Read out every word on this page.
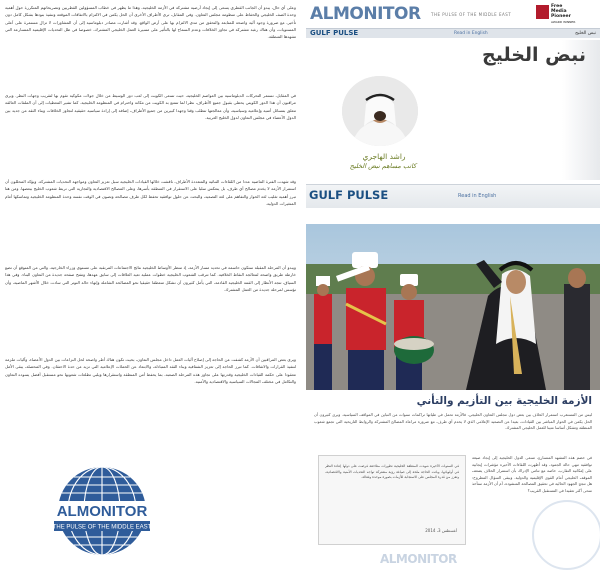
وعلى أي حال، يبدو أن الجانب القطري يسعى إلى إيجاد أرضية مشتركة في الأزمة الخليجية، وهذا ما يظهر في خطاب المسؤولين القطريين وتصريحاتهم المتكررة حول أهمية وحدة الصف الخليجي والحفاظ على منظومة مجلس التعاون. وفي المقابل، ترى الأطراف الأخرى أن الحل يكمن في الالتزام بالاتفاقات الموقعة وتنفيذ بنودها بشكل كامل دون تأخير، مع ضرورة وجود آلية واضحة للمتابعة والتحقق من مدى الالتزام بها على أرض الواقع. وقد أشارت مصادر دبلوماسية إلى أن المشاورات لا تزال مستمرة على أعلى المستويات، وأن هناك رغبة مشتركة في تجاوز الخلافات وعدم السماح لها بالتأثير على مسيرة العمل الخليجي المشترك، خصوصا في ظل التحديات الإقليمية المتسارعة التي تشهدها المنطقة.
في المقابل، تستمر التحركات الدبلوماسية بين العواصم الخليجية، حيث تسعى الكويت إلى لعب دور الوسيط من خلال جولات مكوكية تقوم بها لتقريب وجهات النظر. ويرى مراقبون أن هذا الدور الكويتي يحظى بقبول جميع الأطراف، نظرا لما تتمتع به الكويت من مكانة واحترام في المنظومة الخليجية. كما تشير المعطيات إلى أن الملفات العالقة تتعلق بمسائل أمنية وإعلامية وسياسية، وأن معالجتها تتطلب وقتا وجهدا كبيرين من جميع الأطراف، إضافة إلى إرادة سياسية حقيقية لتجاوز الخلافات وبناء الثقة من جديد بين الدول الأعضاء في مجلس التعاون لدول الخليج العربية.
وقد شهدت الفترة الماضية عددا من اللقاءات الثنائية والمتعددة الأطراف، ناقشت خلالها القيادات الخليجية سبل تعزيز التعاون ومواجهة التحديات المشتركة. ويؤكد المحللون أن استمرار الأزمة لا يخدم مصالح أي طرف، بل ينعكس سلبا على الاستقرار في المنطقة بأسرها، وعلى المصالح الاقتصادية والتجارية التي تربط شعوب الخليج ببعضها. ومن هنا تبرز أهمية تغليب لغة الحوار والتفاهم على لغة التصعيد، والبحث عن حلول توافقية تحفظ لكل طرف مصالحه وتصون في الوقت نفسه وحدة المنظومة الخليجية وتماسكها أمام المتغيرات الدولية.
ويبدو أن المرحلة المقبلة ستكون حاسمة في تحديد مسار الأزمة، إذ تنتظر الأوساط الخليجية نتائج الاجتماعات المرتقبة على مستوى وزراء الخارجية، والتي من المتوقع أن تضع خارطة طريق واضحة لمعالجة النقاط الخلافية. كما تترقب الشعوب الخليجية خطوات عملية تعيد العلاقات إلى سابق عهدها، وتفتح صفحة جديدة من التعاون البناء. وفي هذا السياق، تتجه الأنظار إلى القمة الخليجية القادمة، التي يأمل كثيرون أن تشكل منعطفا حقيقيا نحو المصالحة الشاملة وإنهاء حالة التوتر التي سادت خلال الأشهر الماضية، وأن تؤسس لمرحلة جديدة من العمل المشترك.
ويرى بعض المراقبين أن الأزمة كشفت عن الحاجة إلى إصلاح آليات العمل داخل مجلس التعاون، بحيث تكون هناك أطر واضحة لحل النزاعات بين الدول الأعضاء، وآليات ملزمة لتنفيذ القرارات والاتفاقات. كما تبرز الحاجة إلى تعزيز الشفافية وبناء الثقة المتبادلة، والابتعاد عن الحملات الإعلامية التي تزيد من حدة الاحتقان. وفي المحصلة، يبقى الأمل معقودا على حكمة القيادات الخليجية وقدرتها على تجاوز هذه المرحلة الصعبة، بما يحفظ أمن المنطقة واستقرارها ويلبي تطلعات شعوبها نحو مستقبل أفضل يسوده التعاون والتكامل في مختلف المجالات السياسية والاقتصادية والأمنية.
ALMONITOR
THE PULSE OF THE MIDDLE EAST
ALMONITOR	THE PULSE OF THE MIDDLE EAST
Free
Media
Pioneer
AWARD WINNER
GULF PULSE	Read in English	نبض الخليج
نبض الخليج
راشد الهاجري
كاتب مساهم نبض الخليج
GULF PULSE	Read in English
الأزمة الخليجية بين التأزيم والتأني
ليس من المستغرب استمرار الخلاف بين بعض دول مجلس التعاون الخليجي، فالأزمة تحمل في طياتها تراكمات سنوات من التباين في المواقف السياسية. ويرى كثيرون أن الحل يكمن في الحوار المباشر بين القيادات، بعيدا عن التصعيد الإعلامي الذي لا يخدم أي طرف، مع ضرورة مراعاة المصالح المشتركة والروابط التاريخية التي تجمع شعوب المنطقة وتشكل أساسا متينا للعمل الخليجي المشترك.
في السنوات الأخيرة شهدت المنطقة الخليجية تطورات متلاحقة فرضت على دولها إعادة النظر في أولوياتها، وباتت الحاجة ملحة إلى صياغة رؤية مشتركة تواجه التحديات الأمنية والاقتصادية، وتعزز من قدرة المجلس على الاستجابة للأزمات بصورة موحدة وفعالة.
أغسطس 3، 2014
في خضم هذه المشهد المتسارع، تسعى الدول الخليجية إلى إيجاد صيغة توافقية تنهي حالة الجمود، وقد أظهرت اللقاءات الأخيرة مؤشرات إيجابية على إمكانية التقارب، خاصة مع تنامي الإدراك بأن استمرار الخلاف يضعف الموقف الخليجي أمام القوى الإقليمية والدولية. ويبقى السؤال المطروح: هل تنجح الجهود الحالية في تحقيق المصالحة المنشودة، أم أن الأزمة ستأخذ منحى أكثر تعقيدا في المستقبل القريب؟
ALMONITOR
